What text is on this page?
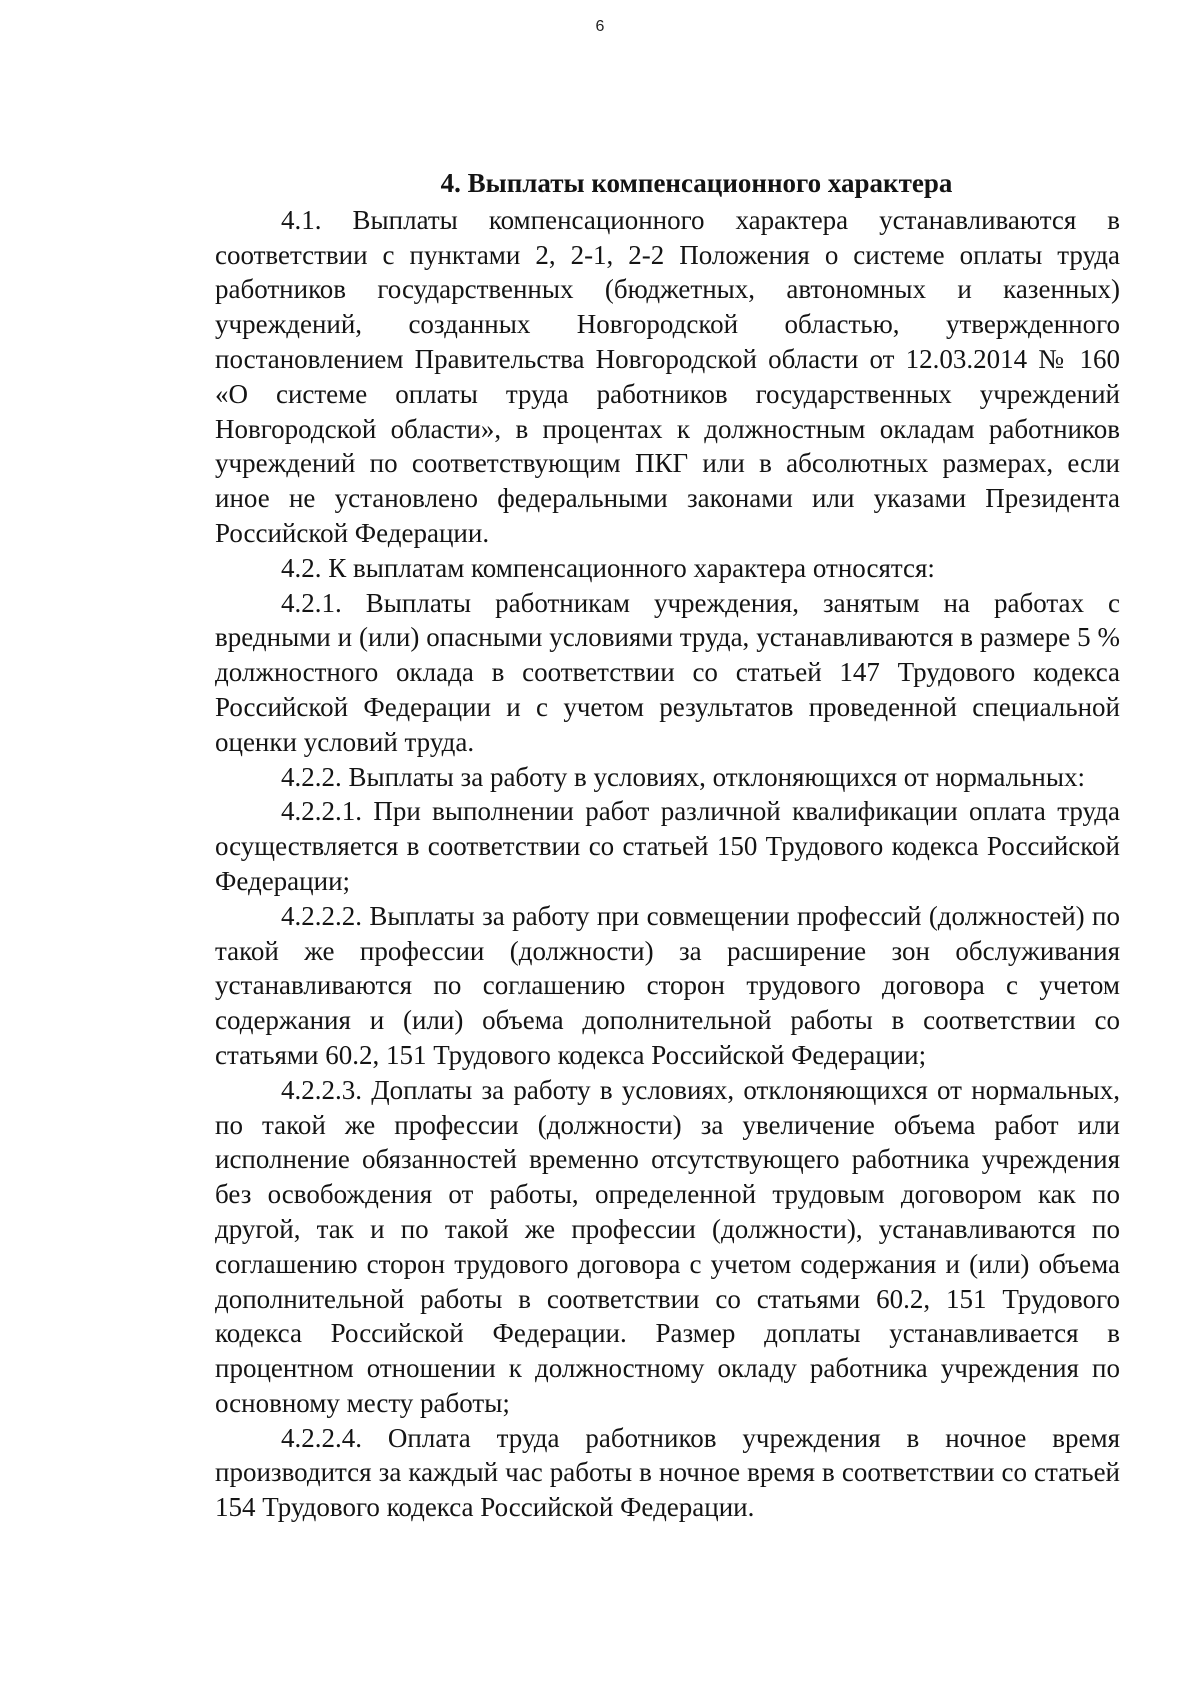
6
4. Выплаты компенсационного характера

4.1. Выплаты компенсационного характера устанавливаются в соответствии с пунктами 2, 2-1, 2-2 Положения о системе оплаты труда работников государственных (бюджетных, автономных и казенных) учреждений, созданных Новгородской областью, утвержденного постановлением Правительства Новгородской области от 12.03.2014 № 160 «О системе оплаты труда работников государственных учреждений Новгородской области», в процентах к должностным окладам работников учреждений по соответствующим ПКГ или в абсолютных размерах, если иное не установлено федеральными законами или указами Президента Российской Федерации.

4.2. К выплатам компенсационного характера относятся:

4.2.1. Выплаты работникам учреждения, занятым на работах с вредными и (или) опасными условиями труда, устанавливаются в размере 5 % должностного оклада в соответствии со статьей 147 Трудового кодекса Российской Федерации и с учетом результатов проведенной специальной оценки условий труда.

4.2.2. Выплаты за работу в условиях, отклоняющихся от нормальных:

4.2.2.1. При выполнении работ различной квалификации оплата труда осуществляется в соответствии со статьей 150 Трудового кодекса Российской Федерации;

4.2.2.2. Выплаты за работу при совмещении профессий (должностей) по такой же профессии (должности) за расширение зон обслуживания устанавливаются по соглашению сторон трудового договора с учетом содержания и (или) объема дополнительной работы в соответствии со статьями 60.2, 151 Трудового кодекса Российской Федерации;

4.2.2.3. Доплаты за работу в условиях, отклоняющихся от нормальных, по такой же профессии (должности) за увеличение объема работ или исполнение обязанностей временно отсутствующего работника учреждения без освобождения от работы, определенной трудовым договором как по другой, так и по такой же профессии (должности), устанавливаются по соглашению сторон трудового договора с учетом содержания и (или) объема дополнительной работы в соответствии со статьями 60.2, 151 Трудового кодекса Российской Федерации. Размер доплаты устанавливается в процентном отношении к должностному окладу работника учреждения по основному месту работы;

4.2.2.4. Оплата труда работников учреждения в ночное время производится за каждый час работы в ночное время в соответствии со статьей 154 Трудового кодекса Российской Федерации.
